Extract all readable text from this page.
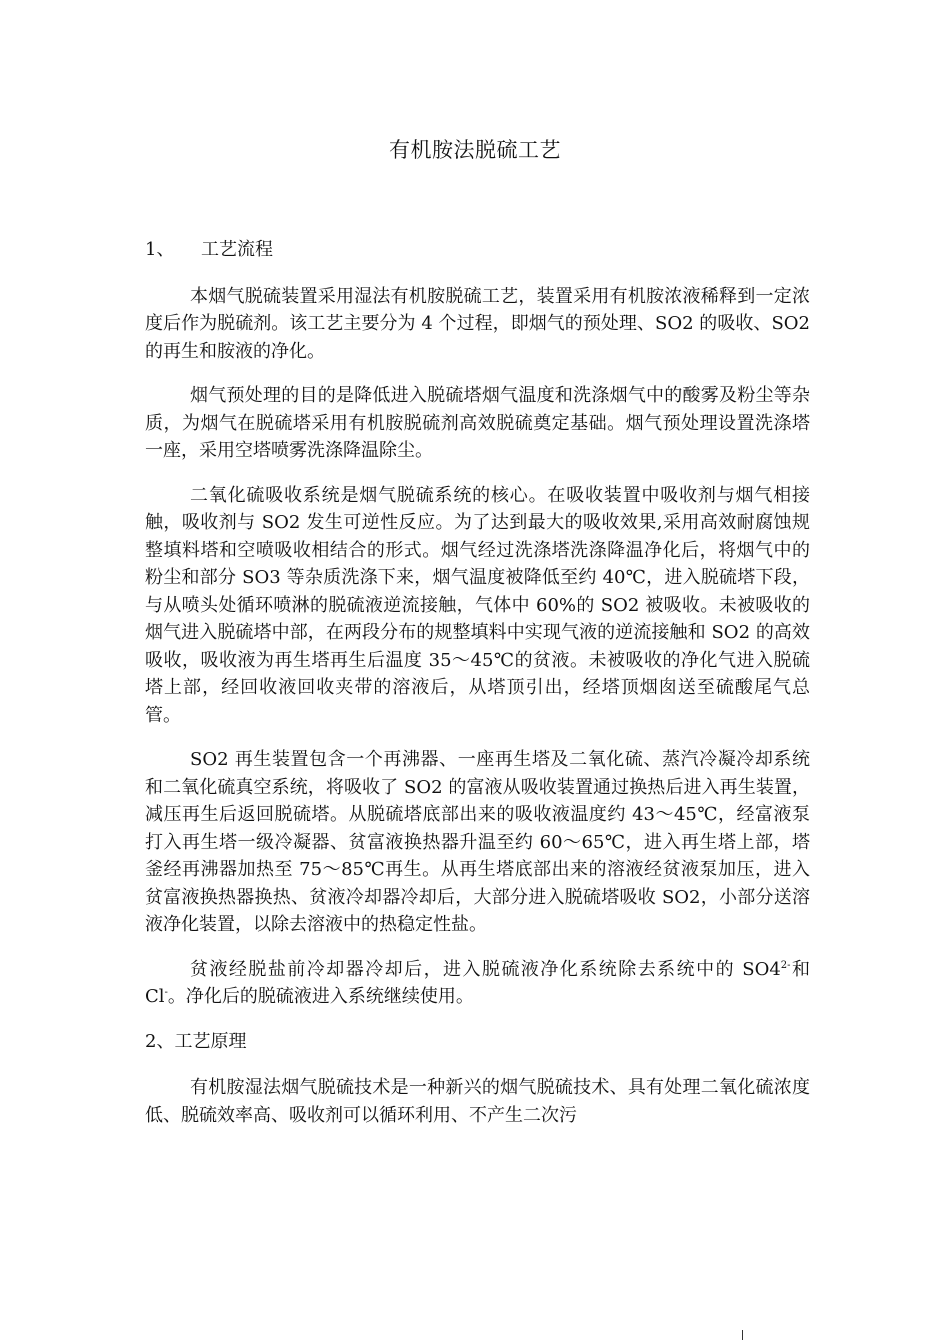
有机胺法脱硫工艺
1、 工艺流程

本烟气脱硫装置采用湿法有机胺脱硫工艺，装置采用有机胺浓液稀释到一定浓度后作为脱硫剂。该工艺主要分为 4 个过程，即烟气的预处理、SO2 的吸收、SO2 的再生和胺液的净化。

烟气预处理的目的是降低进入脱硫塔烟气温度和洗涤烟气中的酸雾及粉尘等杂质，为烟气在脱硫塔采用有机胺脱硫剂高效脱硫奠定基础。烟气预处理设置洗涤塔一座，采用空塔喷雾洗涤降温除尘。

二氧化硫吸收系统是烟气脱硫系统的核心。在吸收装置中吸收剂与烟气相接触，吸收剂与 SO2 发生可逆性反应。为了达到最大的吸收效果,采用高效耐腐蚀规整填料塔和空喷吸收相结合的形式。烟气经过洗涤塔洗涤降温净化后，将烟气中的粉尘和部分 SO3 等杂质洗涤下来，烟气温度被降低至约 40℃，进入脱硫塔下段，与从喷头处循环喷淋的脱硫液逆流接触，气体中 60%的 SO2 被吸收。未被吸收的烟气进入脱硫塔中部，在两段分布的规整填料中实现气液的逆流接触和 SO2 的高效吸收，吸收液为再生塔再生后温度 35～45℃的贫液。未被吸收的净化气进入脱硫塔上部，经回收液回收夹带的溶液后，从塔顶引出，经塔顶烟囱送至硫酸尾气总管。

SO2 再生装置包含一个再沸器、一座再生塔及二氧化硫、蒸汽冷凝冷却系统和二氧化硫真空系统，将吸收了 SO2 的富液从吸收装置通过换热后进入再生装置，减压再生后返回脱硫塔。从脱硫塔底部出来的吸收液温度约 43～45℃，经富液泵打入再生塔一级冷凝器、贫富液换热器升温至约 60～65℃，进入再生塔上部，塔釜经再沸器加热至 75～85℃再生。从再生塔底部出来的溶液经贫液泵加压，进入贫富液换热器换热、贫液冷却器冷却后，大部分进入脱硫塔吸收 SO2，小部分送溶液净化装置，以除去溶液中的热稳定性盐。

贫液经脱盐前冷却器冷却后，进入脱硫液净化系统除去系统中的 $SO4^{2-}$和 Cl-。净化后的脱硫液进入系统继续使用。

2、工艺原理

有机胺湿法烟气脱硫技术是一种新兴的烟气脱硫技术、具有处理二氧化硫浓度低、脱硫效率高、吸收剂可以循环利用、不产生二次污
